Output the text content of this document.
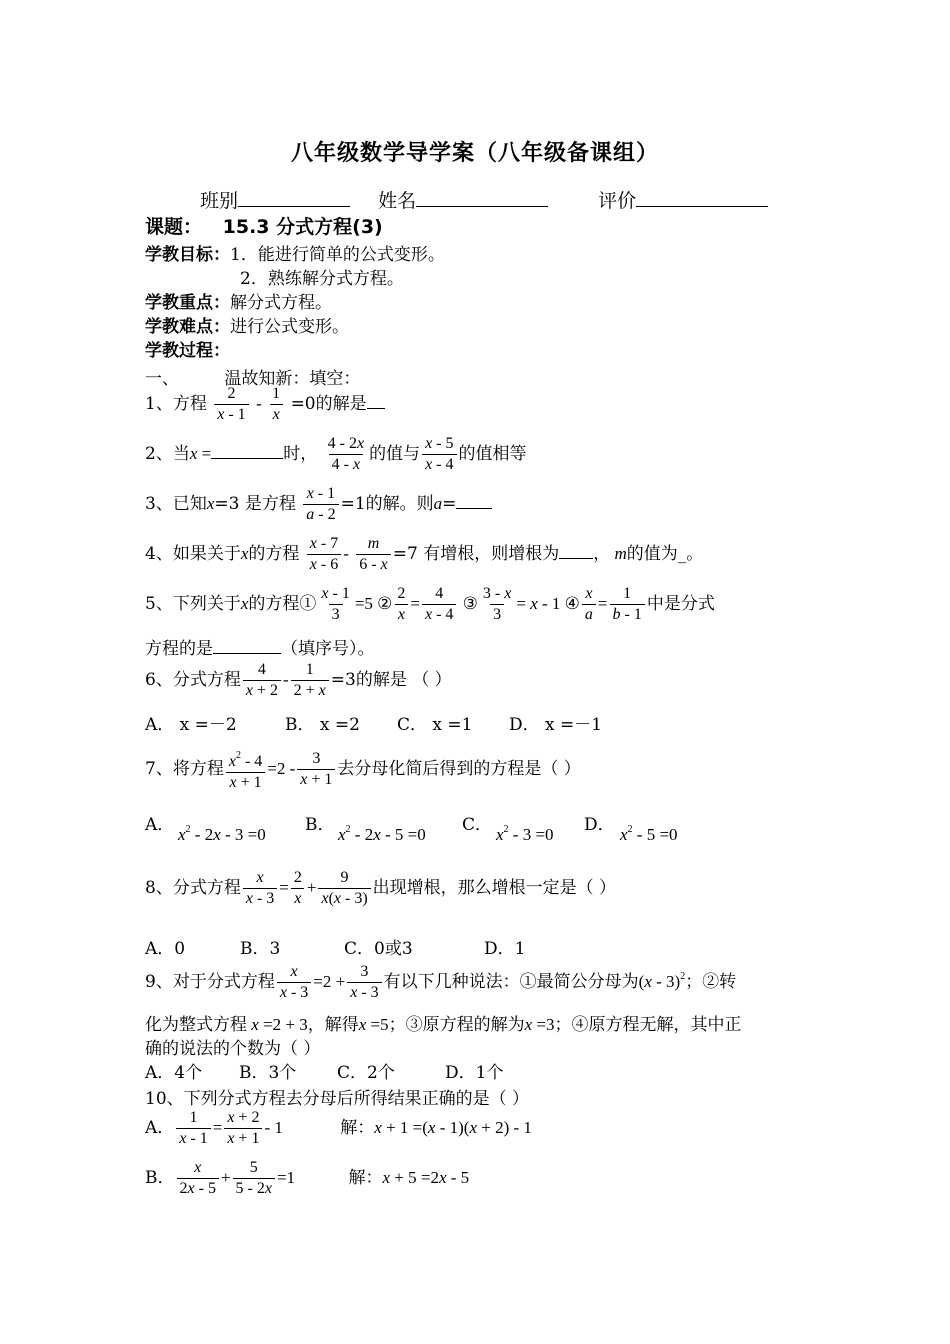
八年级数学导学案（八年级备课组）
班别	姓名	评价
课题： 15.3 分式方程(3)
学教目标：1．能进行简单的公式变形。
2．熟练解分式方程。
学教重点：解分式方程。
学教难点：进行公式变形。
学教过程：
一、	温故知新：填空：
1、方程 $\frac{2}{x - 1} - \frac{1}{x} =0$的解是
2、当x =	时， $\frac{4 - 2x}{4 - x}$ 的值与 $\frac{x - 5}{x - 4}$ 的值相等
3、已知x=3 是方程 $\frac{x - 1}{a - 2} =1$的解。则a=
4、如果关于x的方程 $\frac{x - 7}{x - 6} - \frac{m}{6 - x} =7$ 有增根，则增根为 ， m的值为_。
5、下列关于x的方程① $\frac{x - 1}{3} =5$ ② $\frac{2}{x} = \frac{4}{x - 4}$ ③ $\frac{3 - x}{3} = x - 1$ ④ $\frac{x}{a} = \frac{1}{b - 1}$ 中是分式
方程的是	（填序号）。
6、分式方程 $\frac{4}{x + 2} - \frac{1}{2 + x} =3$的解是 （ ）
A． x =－2	B． x =2 C． x =1 D． x =－1
7、将方程 $\frac{x^2 - 4}{x + 1} =2 - \frac{3}{x + 1}$ 去分母化简后得到的方程是（ ）
A． $x^2 - 2x - 3 =0$ B． $x^2 - 2x - 5 =0$ C． $x^2 - 3 =0$ D． $x^2 - 5 =0$
8、分式方程 $\frac{x}{x - 3} = \frac{2}{x} + \frac{9}{x(x - 3)}$ 出现增根，那么增根一定是（ ）
A．0	B．3	C．0或3	D．1
9、对于分式方程 $\frac{x}{x - 3} =2 + \frac{3}{x - 3}$ 有以下几种说法：①最简公分母为(x - 3)$^2$；②转
化为整式方程 x =2 + 3，解得x =5；③原方程的解为x =3；④原方程无解，其中正
确的说法的个数为（ ）
A．4个 B．3个 C．2个	D．1个
10、下列分式方程去分母后所得结果正确的是（ ）
A． $\frac{1}{x - 1} = \frac{x + 2}{x + 1} - 1$	解：x + 1 =(x - 1)(x + 2) - 1
B． $\frac{x}{2x - 5} + \frac{5}{5 - 2x} =1$	解：x + 5 =2x - 5
